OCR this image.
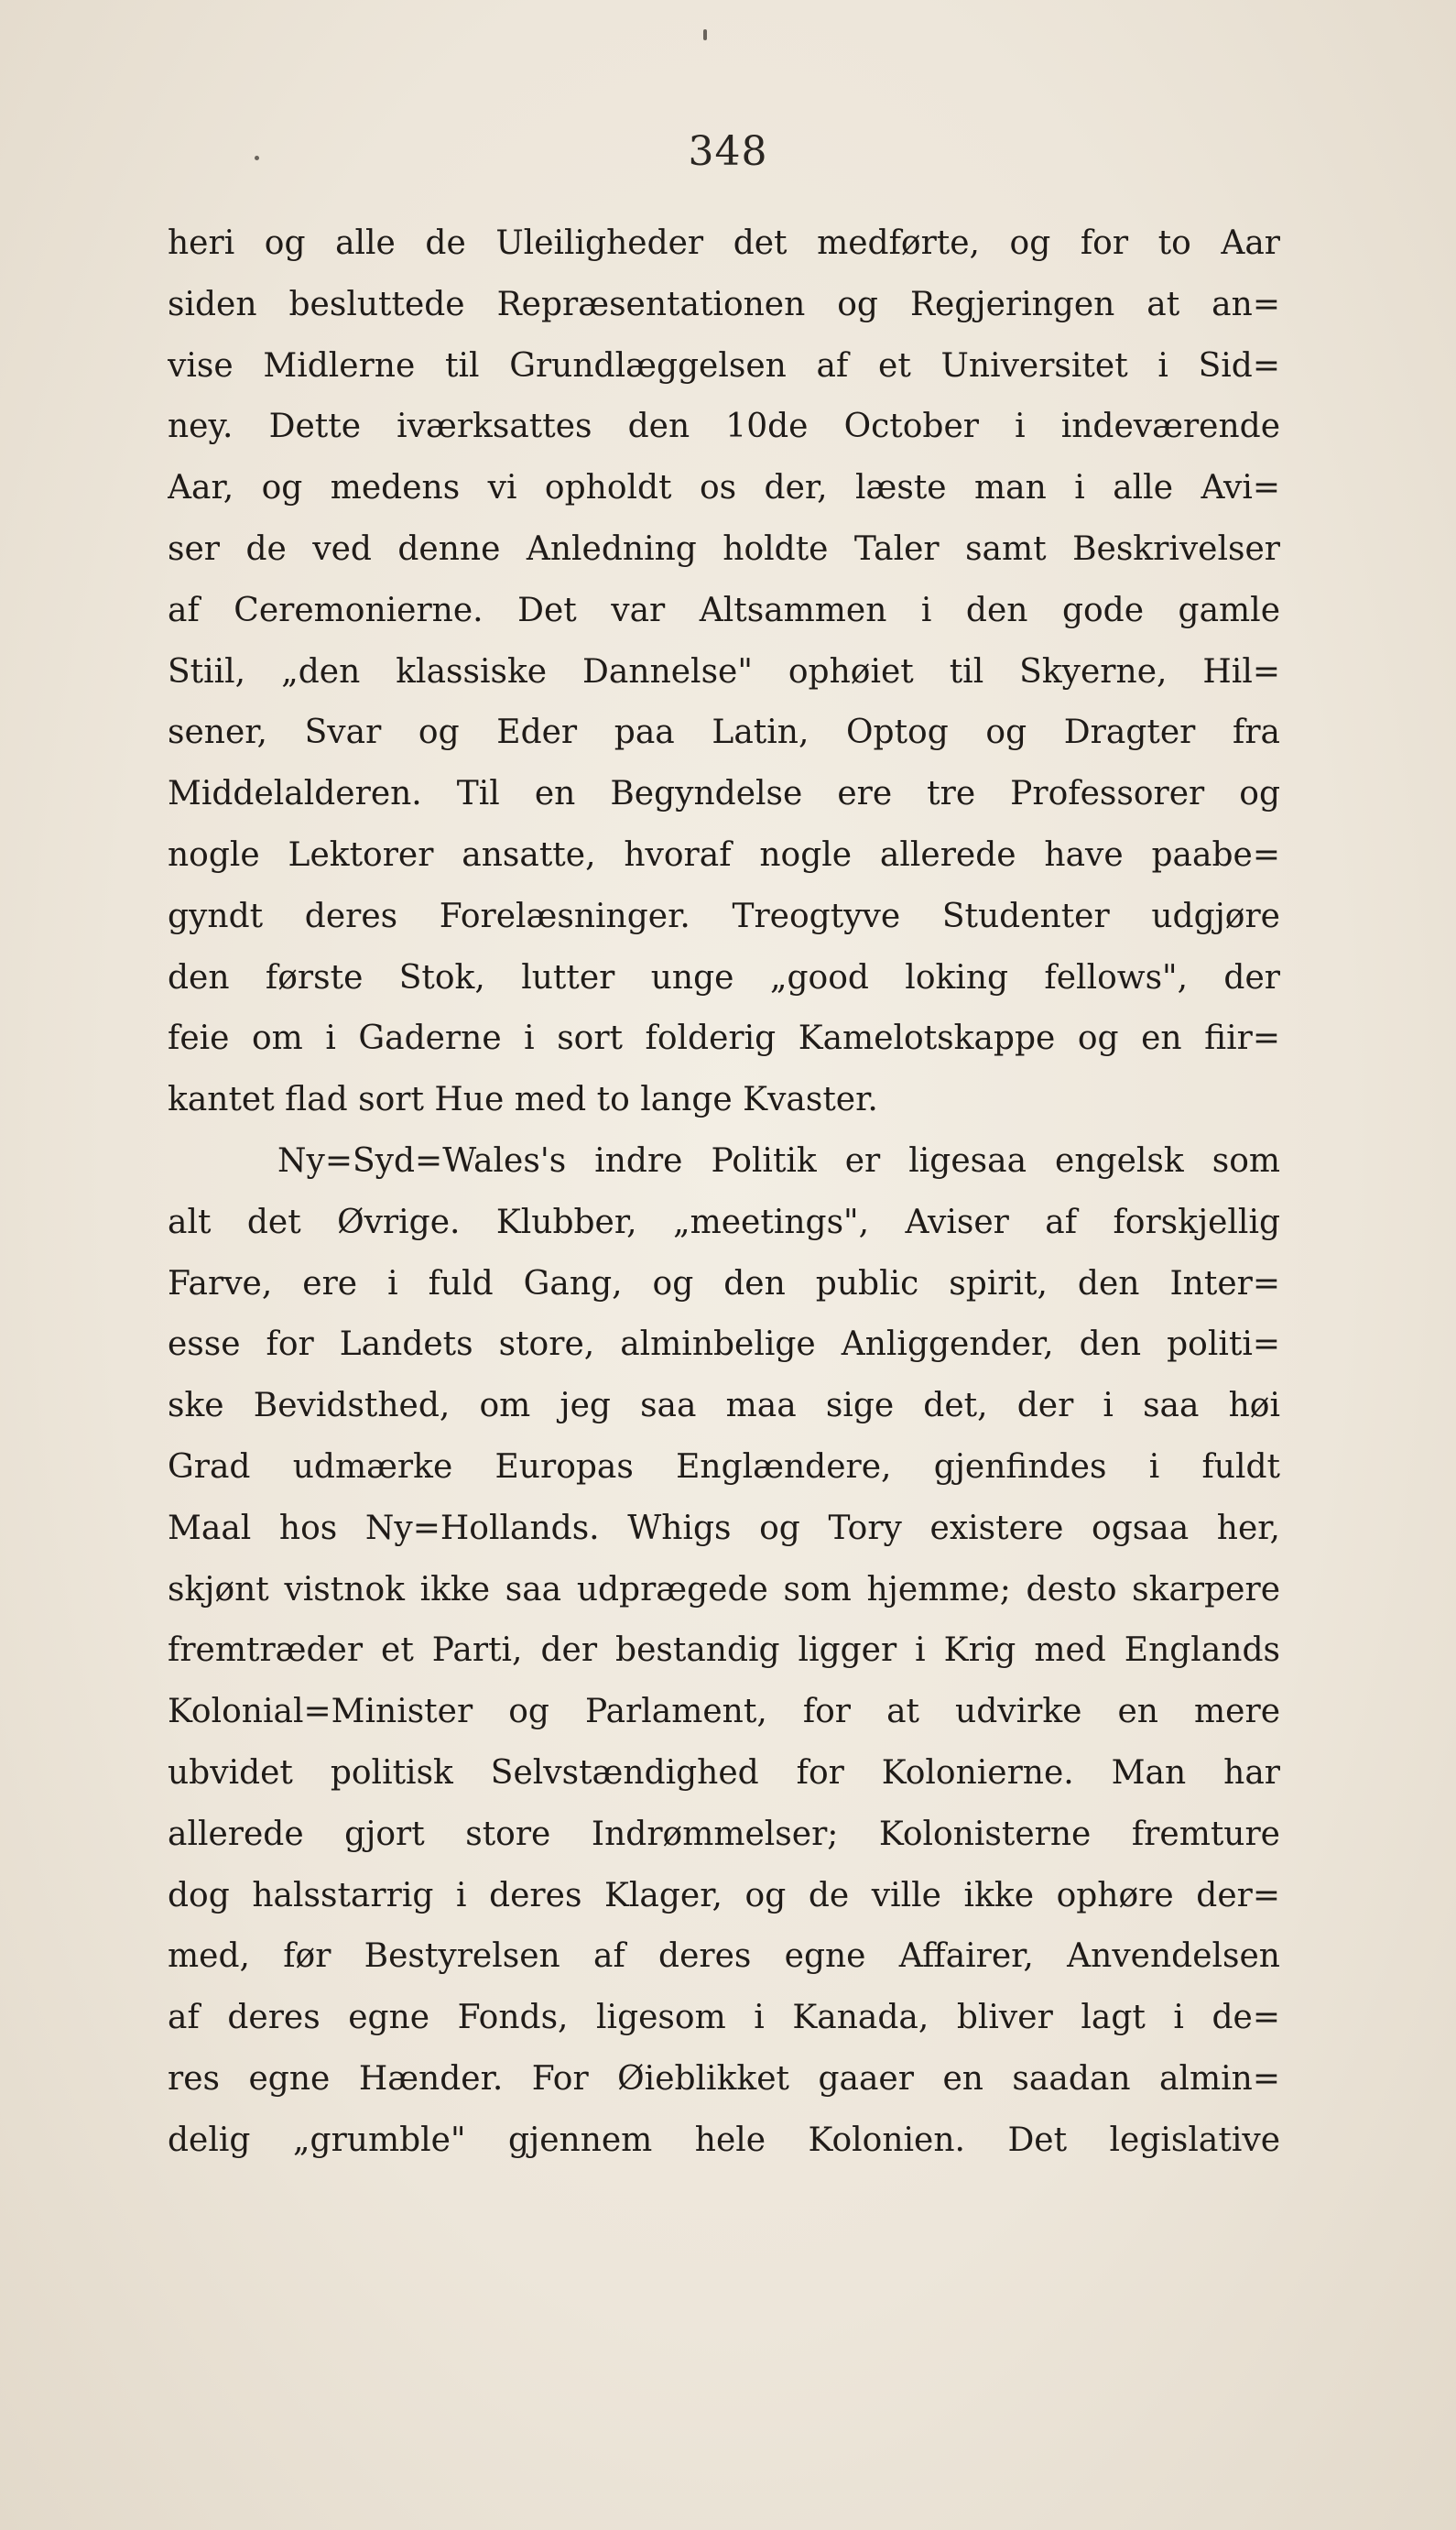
348
heri og alle de Uleiligheder det medførte, og for to Aar
siden besluttede Repræsentationen og Regjeringen at an=
vise Midlerne til Grundlæggelsen af et Universitet i Sid=
ney. Dette iværksattes den 10de October i indeværende
Aar, og medens vi opholdt os der, læste man i alle Avi=
ser de ved denne Anledning holdte Taler samt Beskrivelser
af Ceremonierne. Det var Altsammen i den gode gamle
Stiil, „den klassiske Dannelse" ophøiet til Skyerne, Hil=
sener, Svar og Eder paa Latin, Optog og Dragter fra
Middelalderen. Til en Begyndelse ere tre Professorer og
nogle Lektorer ansatte, hvoraf nogle allerede have paabe=
gyndt deres Forelæsninger. Treogtyve Studenter udgjøre
den første Stok, lutter unge „good loking fellows", der
feie om i Gaderne i sort folderig Kamelotskappe og en fiir=
kantet flad sort Hue med to lange Kvaster.
Ny=Syd=Wales's indre Politik er ligesaa engelsk som
alt det Øvrige. Klubber, „meetings", Aviser af forskjellig
Farve, ere i fuld Gang, og den public spirit, den Inter=
esse for Landets store, alminbelige Anliggender, den politi=
ske Bevidsthed, om jeg saa maa sige det, der i saa høi
Grad udmærke Europas Englændere, gjenfindes i fuldt
Maal hos Ny=Hollands. Whigs og Tory existere ogsaa her,
skjønt vistnok ikke saa udprægede som hjemme; desto skarpere
fremtræder et Parti, der bestandig ligger i Krig med Englands
Kolonial=Minister og Parlament, for at udvirke en mere
ubvidet politisk Selvstændighed for Kolonierne. Man har
allerede gjort store Indrømmelser; Kolonisterne fremture
dog halsstarrig i deres Klager, og de ville ikke ophøre der=
med, før Bestyrelsen af deres egne Affairer, Anvendelsen
af deres egne Fonds, ligesom i Kanada, bliver lagt i de=
res egne Hænder. For Øieblikket gaaer en saadan almin=
delig „grumble" gjennem hele Kolonien. Det legislative
